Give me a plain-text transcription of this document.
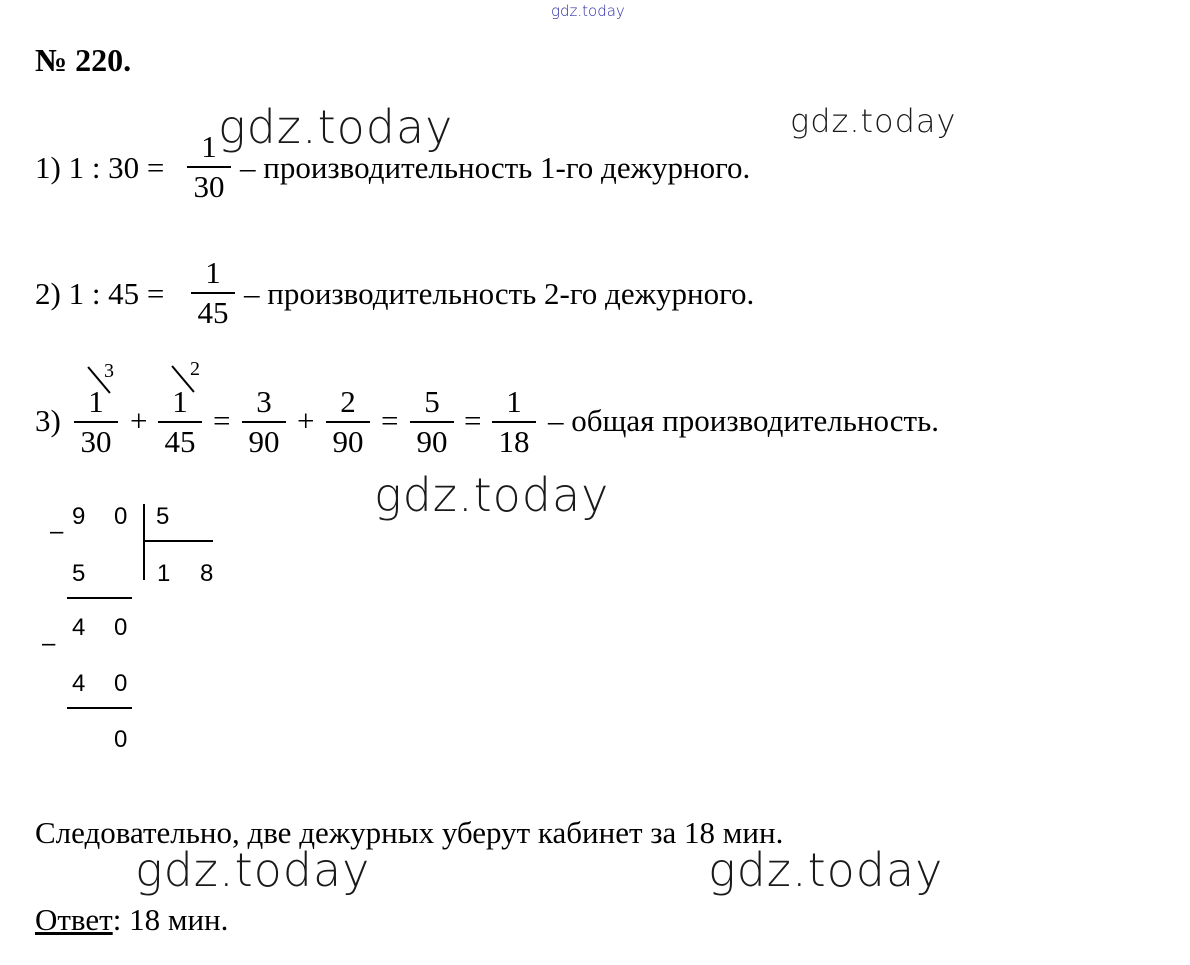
gdz.today
gdz.today	gdz.today
gdz.today
gdz.today	gdz.today
№ 220.
1) 1 : 30 =
1
30
– производительность 1-го дежурного.
2) 1 : 45 =
1
45
– производительность 2-го дежурного.
3)
1
30
3
+
1
45
2
=
3
90
+
2
90
=
5
90
=
1
18
– общая производительность.
–
9 0 5
1 8
5
4 0
–
4 0
0
Следовательно, две дежурных уберут кабинет за 18 мин.
Ответ: 18 мин.
